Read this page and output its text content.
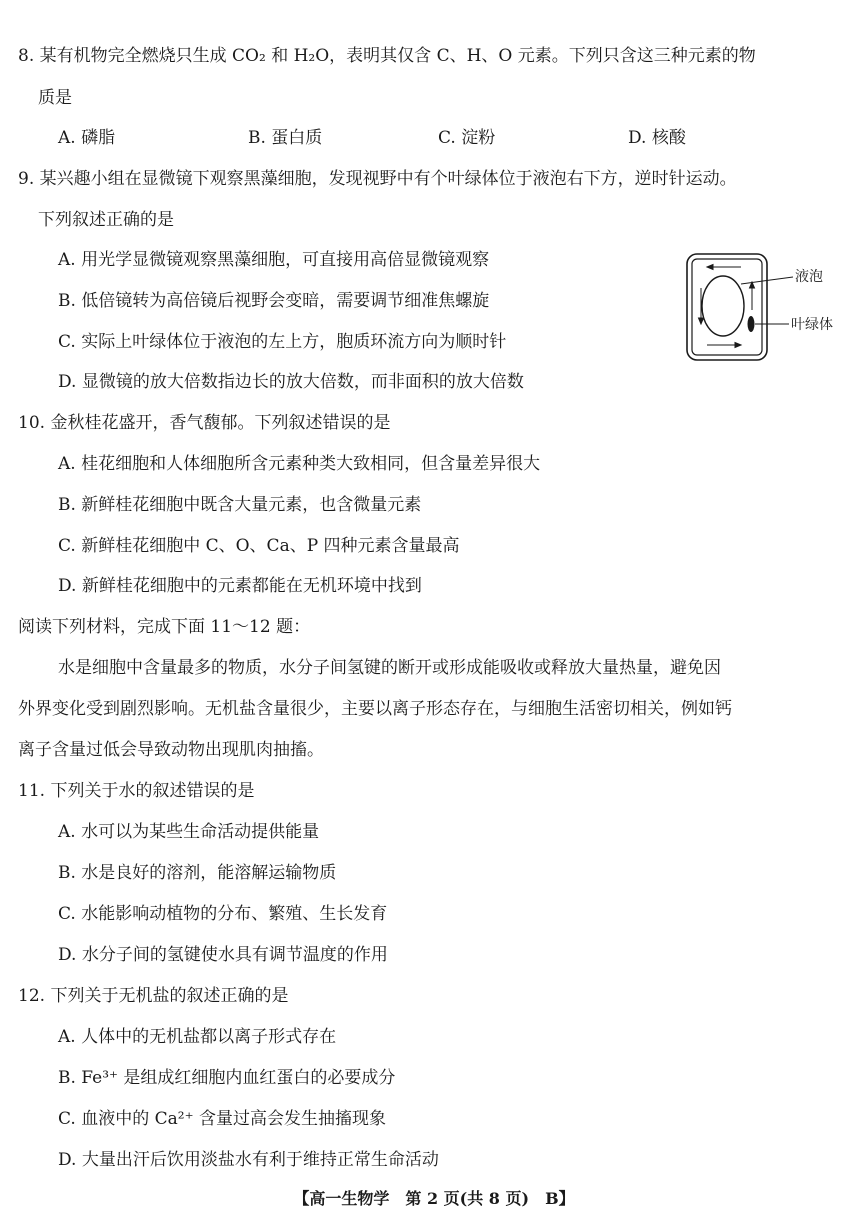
8. 某有机物完全燃烧只生成 CO₂ 和 H₂O，表明其仅含 C、H、O 元素。下列只含这三种元素的物
质是
A. 磷脂	B. 蛋白质	C. 淀粉	D. 核酸
9. 某兴趣小组在显微镜下观察黑藻细胞，发现视野中有个叶绿体位于液泡右下方，逆时针运动。
下列叙述正确的是
A. 用光学显微镜观察黑藻细胞，可直接用高倍显微镜观察
B. 低倍镜转为高倍镜后视野会变暗，需要调节细准焦螺旋
C. 实际上叶绿体位于液泡的左上方，胞质环流方向为顺时针
D. 显微镜的放大倍数指边长的放大倍数，而非面积的放大倍数
液泡
叶绿体
10. 金秋桂花盛开，香气馥郁。下列叙述错误的是
A. 桂花细胞和人体细胞所含元素种类大致相同，但含量差异很大
B. 新鲜桂花细胞中既含大量元素，也含微量元素
C. 新鲜桂花细胞中 C、O、Ca、P 四种元素含量最高
D. 新鲜桂花细胞中的元素都能在无机环境中找到
阅读下列材料，完成下面 11～12 题：
水是细胞中含量最多的物质，水分子间氢键的断开或形成能吸收或释放大量热量，避免因
外界变化受到剧烈影响。无机盐含量很少，主要以离子形态存在，与细胞生活密切相关，例如钙
离子含量过低会导致动物出现肌肉抽搐。
11. 下列关于水的叙述错误的是
A. 水可以为某些生命活动提供能量
B. 水是良好的溶剂，能溶解运输物质
C. 水能影响动植物的分布、繁殖、生长发育
D. 水分子间的氢键使水具有调节温度的作用
12. 下列关于无机盐的叙述正确的是
A. 人体中的无机盐都以离子形式存在
B. Fe³⁺ 是组成红细胞内血红蛋白的必要成分
C. 血液中的 Ca²⁺ 含量过高会发生抽搐现象
D. 大量出汗后饮用淡盐水有利于维持正常生命活动
【高一生物学　第 2 页(共 8 页)　B】
